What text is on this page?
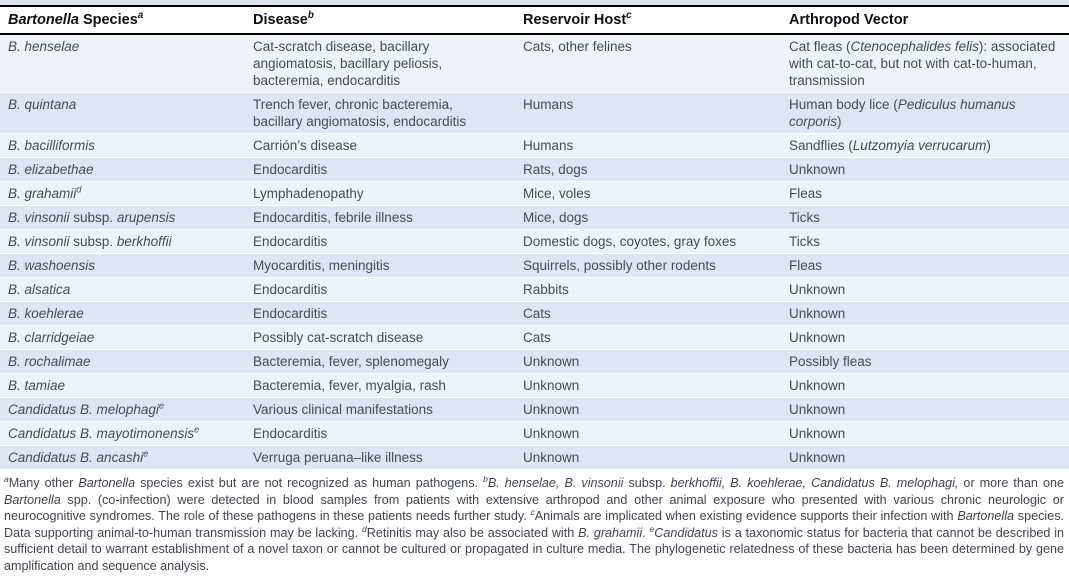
Bartonella Species$^a$	Disease$^b$	Reservoir Host$^c$	Arthropod Vector
B. henselae	Cat-scratch disease, bacillary angiomatosis, bacillary peliosis, bacteremia, endocarditis	Cats, other felines	Cat fleas (Ctenocephalides felis): associated with cat-to-cat, but not with cat-to-human, transmission
B. quintana	Trench fever, chronic bacteremia, bacillary angiomatosis, endocarditis	Humans	Human body lice (Pediculus humanus corporis)
B. bacilliformis	Carrión’s disease	Humans	Sandflies (Lutzomyia verrucarum)
B. elizabethae	Endocarditis	Rats, dogs	Unknown
B. grahamii$^d$	Lymphadenopathy	Mice, voles	Fleas
B. vinsonii subsp. arupensis	Endocarditis, febrile illness	Mice, dogs	Ticks
B. vinsonii subsp. berkhoffii	Endocarditis	Domestic dogs, coyotes, gray foxes	Ticks
B. washoensis	Myocarditis, meningitis	Squirrels, possibly other rodents	Fleas
B. alsatica	Endocarditis	Rabbits	Unknown
B. koehlerae	Endocarditis	Cats	Unknown
B. clarridgeiae	Possibly cat-scratch disease	Cats	Unknown
B. rochalimae	Bacteremia, fever, splenomegaly	Unknown	Possibly fleas
B. tamiae	Bacteremia, fever, myalgia, rash	Unknown	Unknown
Candidatus B. melophagi$^e$	Various clinical manifestations	Unknown	Unknown
Candidatus B. mayotimonensis$^e$	Endocarditis	Unknown	Unknown
Candidatus B. ancashi$^e$	Verruga peruana–like illness	Unknown	Unknown
$^a$Many other Bartonella species exist but are not recognized as human pathogens. $^b$B. henselae, B. vinsonii subsp. berkhoffii, B. koehlerae, Candidatus B. melophagi, or more than one Bartonella spp. (co-infection) were detected in blood samples from patients with extensive arthropod and other animal exposure who presented with various chronic neurologic or neurocognitive syndromes. The role of these pathogens in these patients needs further study. $^c$Animals are implicated when existing evidence supports their infection with Bartonella species. Data supporting animal-to-human transmission may be lacking. $^d$Retinitis may also be associated with B. grahamii. $^e$Candidatus is a taxonomic status for bacteria that cannot be described in sufficient detail to warrant establishment of a novel taxon or cannot be cultured or propagated in culture media. The phylogenetic relatedness of these bacteria has been determined by gene amplification and sequence analysis.
